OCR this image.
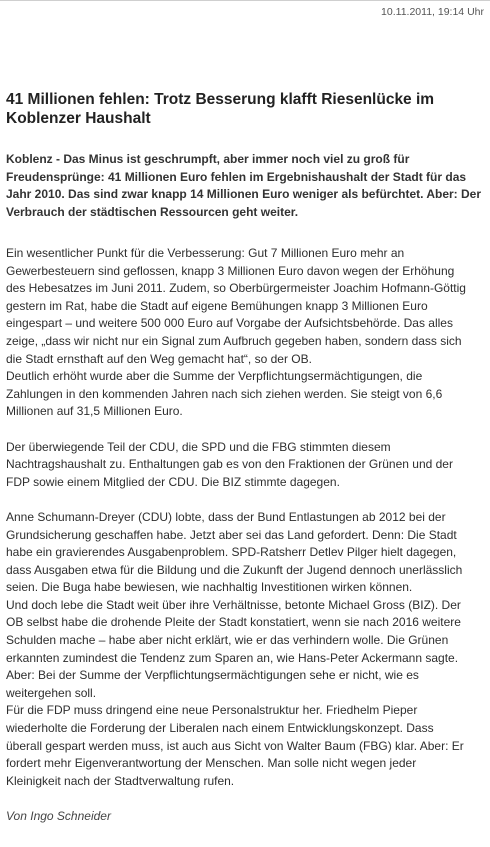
10.11.2011, 19:14 Uhr
41 Millionen fehlen: Trotz Besserung klafft Riesenlücke im
Koblenzer Haushalt

Koblenz - Das Minus ist geschrumpft, aber immer noch viel zu groß für
Freudensprünge: 41 Millionen Euro fehlen im Ergebnishaushalt der Stadt für das
Jahr 2010. Das sind zwar knapp 14 Millionen Euro weniger als befürchtet. Aber: Der
Verbrauch der städtischen Ressourcen geht weiter.

Ein wesentlicher Punkt für die Verbesserung: Gut 7 Millionen Euro mehr an
Gewerbesteuern sind geflossen, knapp 3 Millionen Euro davon wegen der Erhöhung
des Hebesatzes im Juni 2011. Zudem, so Oberbürgermeister Joachim Hofmann-Göttig
gestern im Rat, habe die Stadt auf eigene Bemühungen knapp 3 Millionen Euro
eingespart – und weitere 500 000 Euro auf Vorgabe der Aufsichtsbehörde. Das alles
zeige, „dass wir nicht nur ein Signal zum Aufbruch gegeben haben, sondern dass sich
die Stadt ernsthaft auf den Weg gemacht hat“, so der OB.
Deutlich erhöht wurde aber die Summe der Verpflichtungsermächtigungen, die
Zahlungen in den kommenden Jahren nach sich ziehen werden. Sie steigt von 6,6
Millionen auf 31,5 Millionen Euro.

Der überwiegende Teil der CDU, die SPD und die FBG stimmten diesem
Nachtragshaushalt zu. Enthaltungen gab es von den Fraktionen der Grünen und der
FDP sowie einem Mitglied der CDU. Die BIZ stimmte dagegen.

Anne Schumann-Dreyer (CDU) lobte, dass der Bund Entlastungen ab 2012 bei der
Grundsicherung geschaffen habe. Jetzt aber sei das Land gefordert. Denn: Die Stadt
habe ein gravierendes Ausgabenproblem. SPD-Ratsherr Detlev Pilger hielt dagegen,
dass Ausgaben etwa für die Bildung und die Zukunft der Jugend dennoch unerlässlich
seien. Die Buga habe bewiesen, wie nachhaltig Investitionen wirken können.
Und doch lebe die Stadt weit über ihre Verhältnisse, betonte Michael Gross (BIZ). Der
OB selbst habe die drohende Pleite der Stadt konstatiert, wenn sie nach 2016 weitere
Schulden mache – habe aber nicht erklärt, wie er das verhindern wolle. Die Grünen
erkannten zumindest die Tendenz zum Sparen an, wie Hans-Peter Ackermann sagte.
Aber: Bei der Summe der Verpflichtungsermächtigungen sehe er nicht, wie es
weitergehen soll.
Für die FDP muss dringend eine neue Personalstruktur her. Friedhelm Pieper
wiederholte die Forderung der Liberalen nach einem Entwicklungskonzept. Dass
überall gespart werden muss, ist auch aus Sicht von Walter Baum (FBG) klar. Aber: Er
fordert mehr Eigenverantwortung der Menschen. Man solle nicht wegen jeder
Kleinigkeit nach der Stadtverwaltung rufen.

Von Ingo Schneider
